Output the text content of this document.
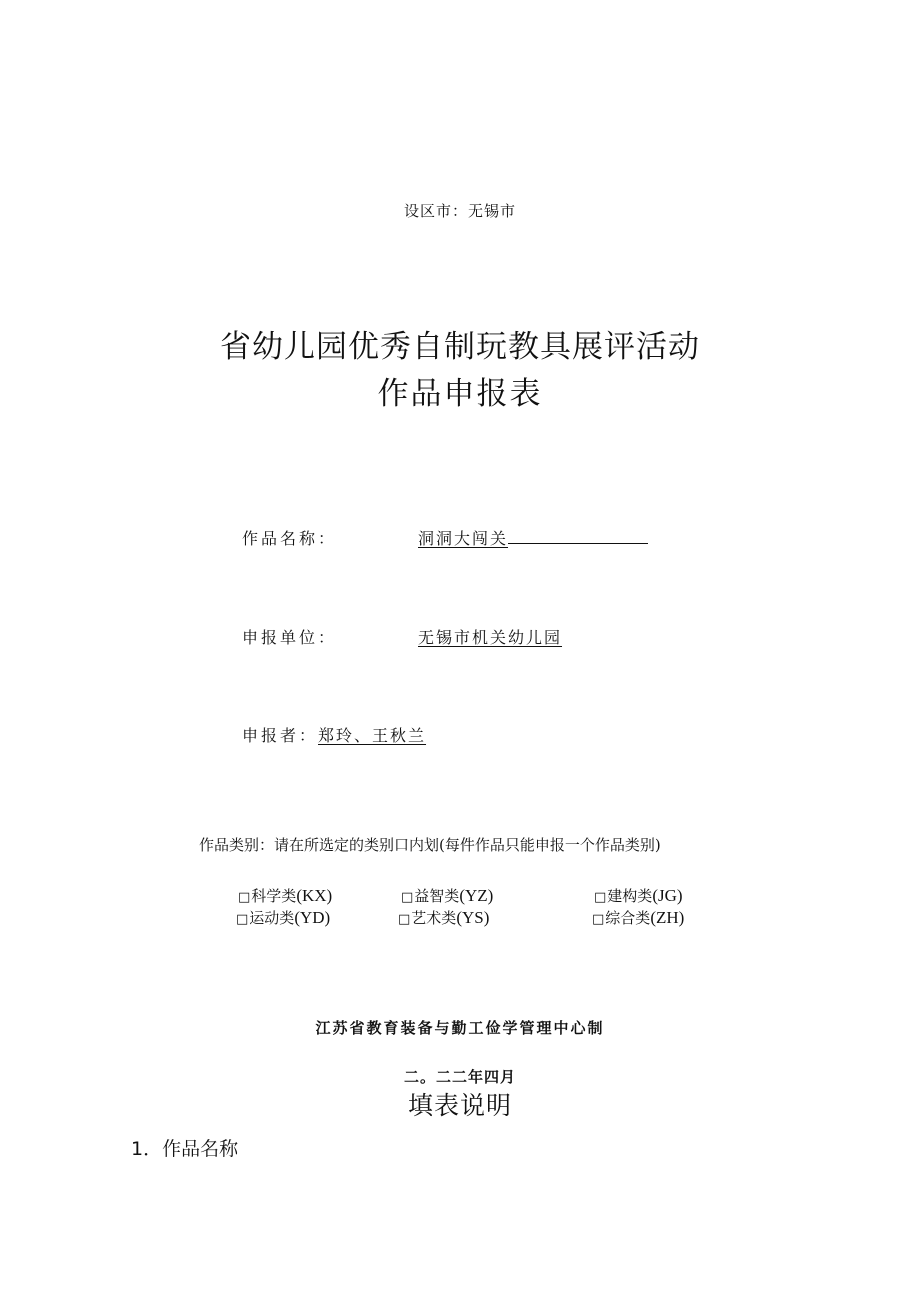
设区市：无锡市
省幼儿园优秀自制玩教具展评活动
作品申报表
作品名称：	洞洞大闯关
申报单位：	无锡市机关幼儿园
申报者：郑玲、王秋兰
作品类别：请在所选定的类别口内划(每件作品只能申报一个作品类别)
□科学类(KX)	□益智类(YZ)	□建构类(JG)
□运动类(YD)	□艺术类(YS)	□综合类(ZH)
江苏省教育装备与勤工俭学管理中心制
二。二二年四月
填表说明
1．作品名称
